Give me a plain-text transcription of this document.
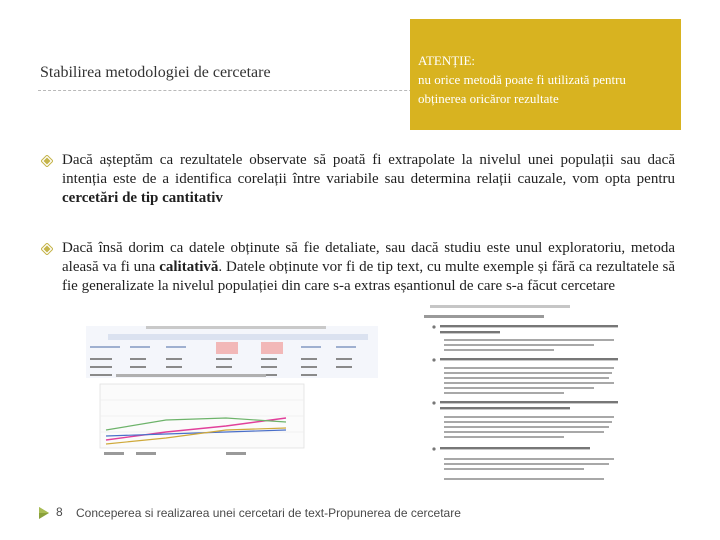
Stabilirea metodologiei de cercetare
ATENȚIE:
nu orice metodă poate fi utilizată pentru obținerea oricăror rezultate
Dacă așteptăm ca rezultatele observate să poată fi extrapolate la nivelul unei populații sau dacă intenția este de a identifica corelații între variabile sau determina relații cauzale, vom opta pentru cercetări de tip cantitativ
Dacă însă dorim ca datele obținute să fie detaliate, sau dacă studiu este unul exploratoriu, metoda aleasă va fi una calitativă. Datele obținute vor fi de tip text, cu multe exemple și fără ca rezultatele să fie generalizate la nivelul populației din care s-a extras eșantionul de care s-a făcut cercetare
8 Conceperea si realizarea unei cercetari de text-Propunerea de cercetare
